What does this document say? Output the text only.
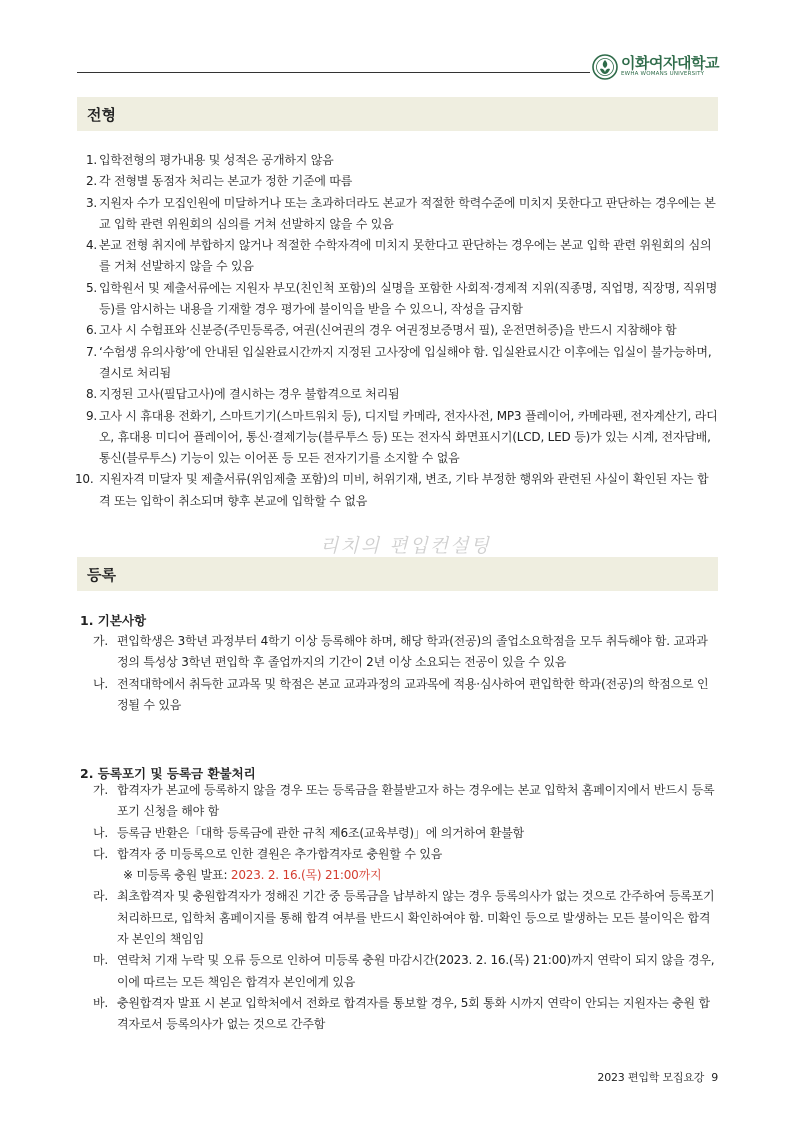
이화여자대학교
EWHA WOMANS UNIVERSITY
전형
1. 입학전형의 평가내용 및 성적은 공개하지 않음
2. 각 전형별 동점자 처리는 본교가 정한 기준에 따름
3. 지원자 수가 모집인원에 미달하거나 또는 초과하더라도 본교가 적절한 학력수준에 미치지 못한다고 판단하는 경우에는 본교 입학 관련 위원회의 심의를 거쳐 선발하지 않을 수 있음
4. 본교 전형 취지에 부합하지 않거나 적절한 수학자격에 미치지 못한다고 판단하는 경우에는 본교 입학 관련 위원회의 심의를 거쳐 선발하지 않을 수 있음
5. 입학원서 및 제출서류에는 지원자 부모(친인척 포함)의 실명을 포함한 사회적·경제적 지위(직종명, 직업명, 직장명, 직위명 등)를 암시하는 내용을 기재할 경우 평가에 불이익을 받을 수 있으니, 작성을 금지함
6. 고사 시 수험표와 신분증(주민등록증, 여권(신여권의 경우 여권정보증명서 필), 운전면허증)을 반드시 지참해야 함
7. ‘수험생 유의사항’에 안내된 입실완료시간까지 지정된 고사장에 입실해야 함. 입실완료시간 이후에는 입실이 불가능하며, 결시로 처리됨
8. 지정된 고사(필답고사)에 결시하는 경우 불합격으로 처리됨
9. 고사 시 휴대용 전화기, 스마트기기(스마트워치 등), 디지털 카메라, 전자사전, MP3 플레이어, 카메라펜, 전자계산기, 라디오, 휴대용 미디어 플레이어, 통신·결제기능(블루투스 등) 또는 전자식 화면표시기(LCD, LED 등)가 있는 시계, 전자담배, 통신(블루투스) 기능이 있는 이어폰 등 모든 전자기기를 소지할 수 없음
10. 지원자격 미달자 및 제출서류(위임제출 포함)의 미비, 허위기재, 변조, 기타 부정한 행위와 관련된 사실이 확인된 자는 합격 또는 입학이 취소되며 향후 본교에 입학할 수 없음
리치의 편입컨설팅
등록
1. 기본사항
가. 편입학생은 3학년 과정부터 4학기 이상 등록해야 하며, 해당 학과(전공)의 졸업소요학점을 모두 취득해야 함. 교과과정의 특성상 3학년 편입학 후 졸업까지의 기간이 2년 이상 소요되는 전공이 있을 수 있음
나. 전적대학에서 취득한 교과목 및 학점은 본교 교과과정의 교과목에 적용·심사하여 편입학한 학과(전공)의 학점으로 인정될 수 있음
2. 등록포기 및 등록금 환불처리
가. 합격자가 본교에 등록하지 않을 경우 또는 등록금을 환불받고자 하는 경우에는 본교 입학처 홈페이지에서 반드시 등록포기 신청을 해야 함
나. 등록금 반환은「대학 등록금에 관한 규칙 제6조(교육부령)」에 의거하여 환불함
다. 합격자 중 미등록으로 인한 결원은 추가합격자로 충원할 수 있음
※ 미등록 충원 발표: 2023. 2. 16.(목) 21:00까지
라. 최초합격자 및 충원합격자가 정해진 기간 중 등록금을 납부하지 않는 경우 등록의사가 없는 것으로 간주하여 등록포기 처리하므로, 입학처 홈페이지를 통해 합격 여부를 반드시 확인하여야 함. 미확인 등으로 발생하는 모든 불이익은 합격자 본인의 책임임
마. 연락처 기재 누락 및 오류 등으로 인하여 미등록 충원 마감시간(2023. 2. 16.(목) 21:00)까지 연락이 되지 않을 경우, 이에 따르는 모든 책임은 합격자 본인에게 있음
바. 충원합격자 발표 시 본교 입학처에서 전화로 합격자를 통보할 경우, 5회 통화 시까지 연락이 안되는 지원자는 충원 합격자로서 등록의사가 없는 것으로 간주함
2023 편입학 모집요강 9
